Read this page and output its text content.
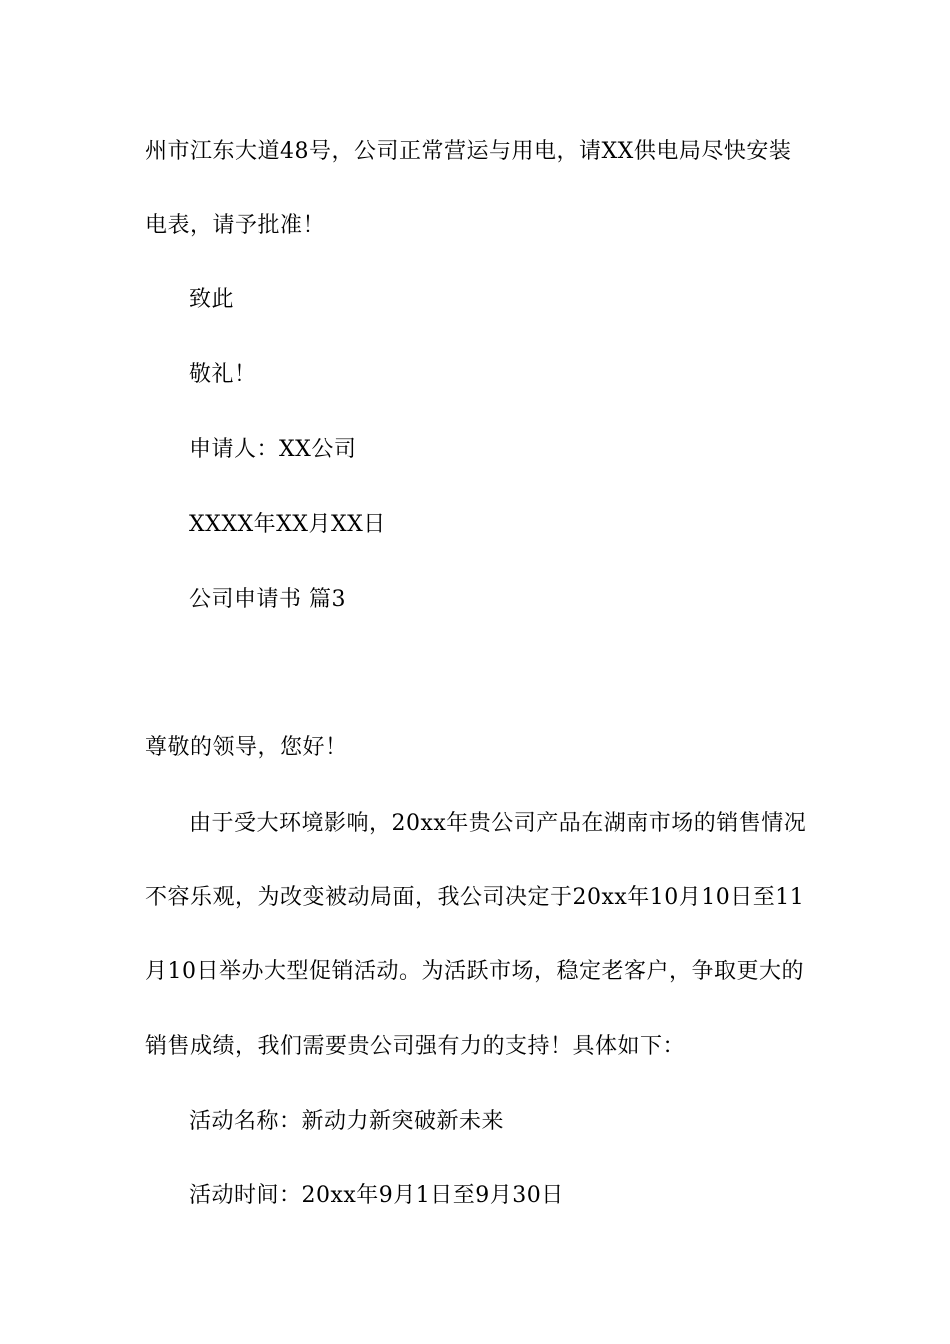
州市江东大道48号，公司正常营运与用电，请XX供电局尽快安装
电表，请予批准！
致此
敬礼！
申请人：XX公司
XXXX年XX月XX日
公司申请书 篇3
尊敬的领导，您好！
由于受大环境影响，20xx年贵公司产品在湖南市场的销售情况
不容乐观，为改变被动局面，我公司决定于20xx年10月10日至11
月10日举办大型促销活动。为活跃市场，稳定老客户，争取更大的
销售成绩，我们需要贵公司强有力的支持！具体如下：
活动名称：新动力新突破新未来
活动时间：20xx年9月1日至9月30日
